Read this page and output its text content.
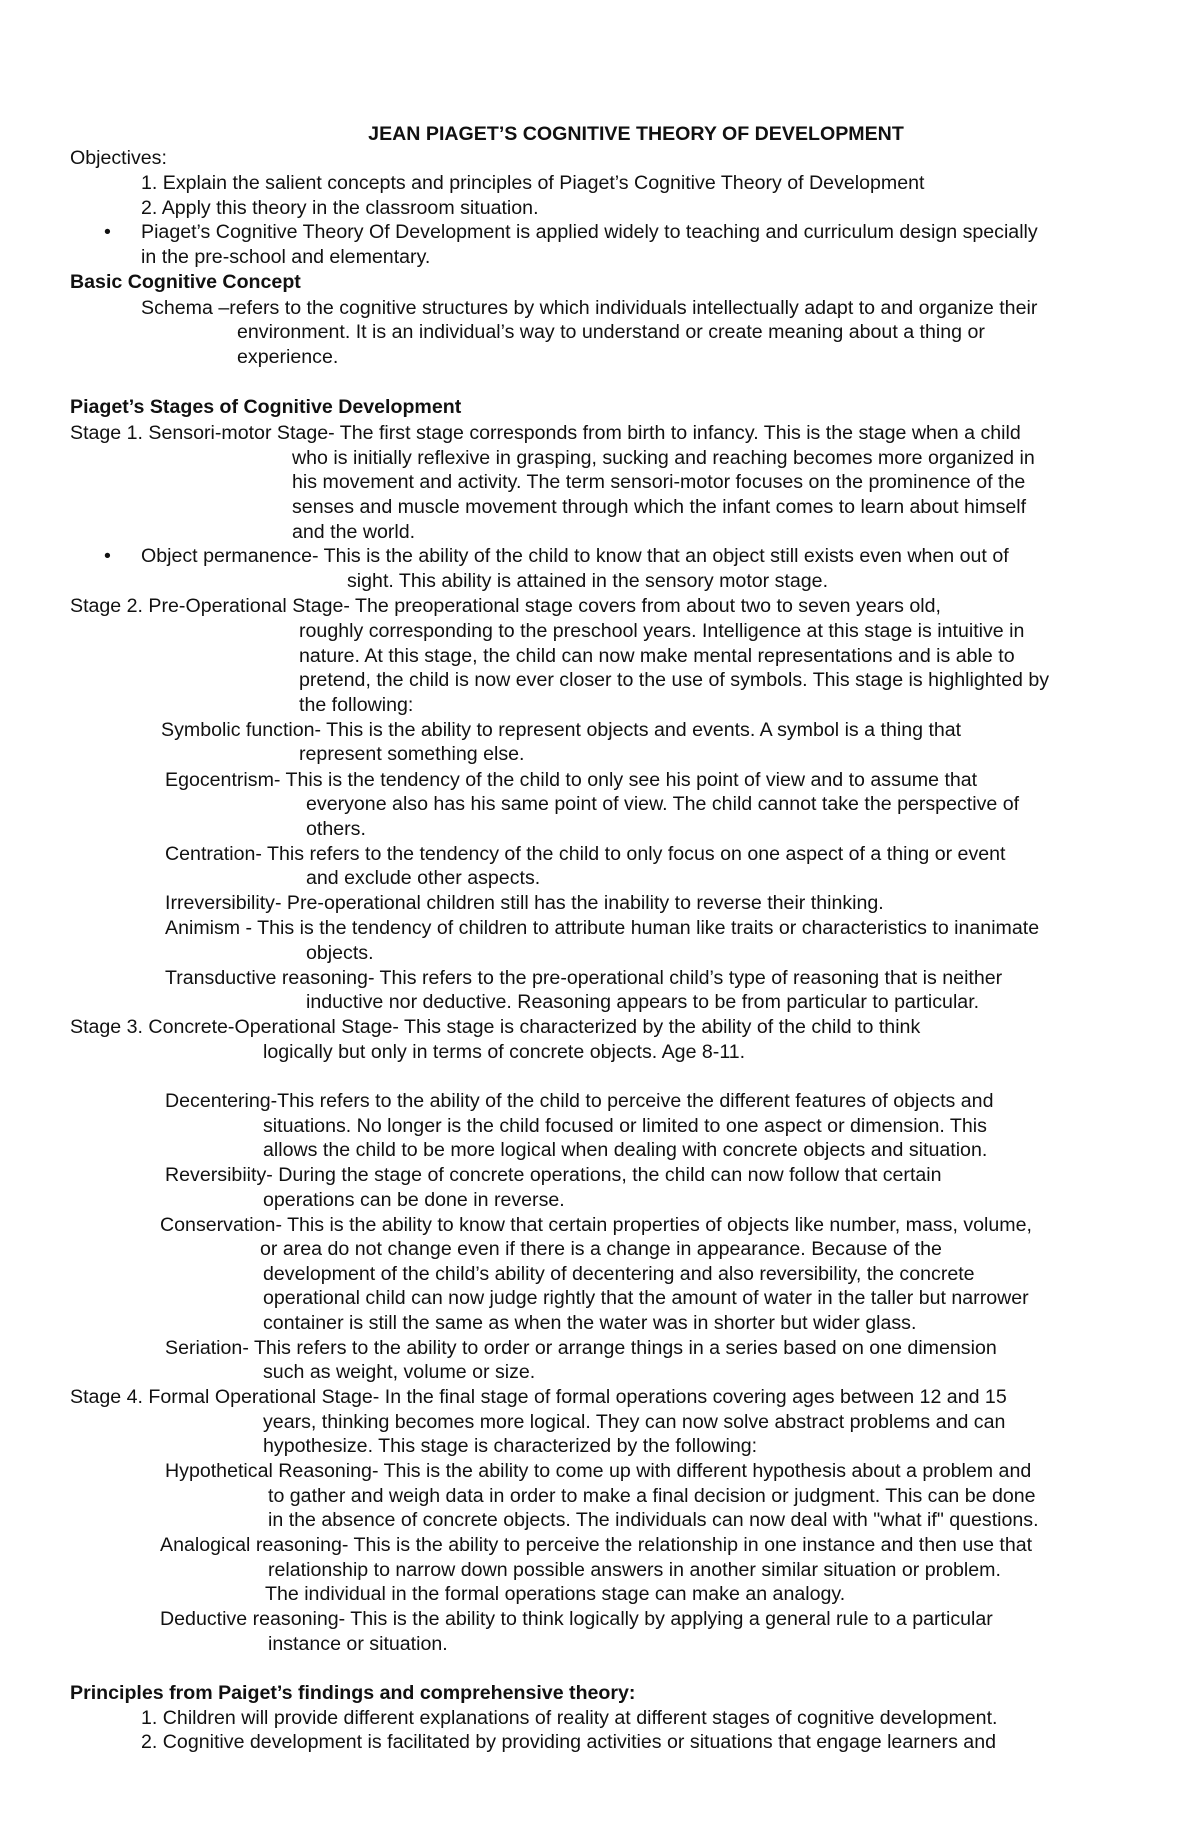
JEAN PIAGET’S COGNITIVE THEORY OF DEVELOPMENT

Objectives:

1. Explain the salient concepts and principles of Piaget’s Cognitive Theory of Development

2. Apply this theory in the classroom situation.

• Piaget’s Cognitive Theory Of Development is applied widely to teaching and curriculum design specially

in the pre-school and elementary.

Basic Cognitive Concept

Schema –refers to the cognitive structures by which individuals intellectually adapt to and organize their

environment. It is an individual’s way to understand or create meaning about a thing or

experience.

Piaget’s Stages of Cognitive Development

Stage 1. Sensori-motor Stage- The first stage corresponds from birth to infancy. This is the stage when a child

who is initially reflexive in grasping, sucking and reaching becomes more organized in

his movement and activity. The term sensori-motor focuses on the prominence of the

senses and muscle movement through which the infant comes to learn about himself

and the world.

• Object permanence- This is the ability of the child to know that an object still exists even when out of

sight. This ability is attained in the sensory motor stage.

Stage 2. Pre-Operational Stage- The preoperational stage covers from about two to seven years old,

roughly corresponding to the preschool years. Intelligence at this stage is intuitive in

nature. At this stage, the child can now make mental representations and is able to

pretend, the child is now ever closer to the use of symbols. This stage is highlighted by

the following:

Symbolic function- This is the ability to represent objects and events. A symbol is a thing that

represent something else.

Egocentrism- This is the tendency of the child to only see his point of view and to assume that

everyone also has his same point of view. The child cannot take the perspective of

others.

Centration- This refers to the tendency of the child to only focus on one aspect of a thing or event

and exclude other aspects.

Irreversibility- Pre-operational children still has the inability to reverse their thinking.

Animism - This is the tendency of children to attribute human like traits or characteristics to inanimate

objects.

Transductive reasoning- This refers to the pre-operational child’s type of reasoning that is neither

inductive nor deductive. Reasoning appears to be from particular to particular.

Stage 3. Concrete-Operational Stage- This stage is characterized by the ability of the child to think

logically but only in terms of concrete objects. Age 8-11.

Decentering-This refers to the ability of the child to perceive the different features of objects and

situations. No longer is the child focused or limited to one aspect or dimension. This

allows the child to be more logical when dealing with concrete objects and situation.

Reversibiity- During the stage of concrete operations, the child can now follow that certain

operations can be done in reverse.

Conservation- This is the ability to know that certain properties of objects like number, mass, volume,

or area do not change even if there is a change in appearance. Because of the

development of the child’s ability of decentering and also reversibility, the concrete

operational child can now judge rightly that the amount of water in the taller but narrower

container is still the same as when the water was in shorter but wider glass.

Seriation- This refers to the ability to order or arrange things in a series based on one dimension

such as weight, volume or size.

Stage 4. Formal Operational Stage- In the final stage of formal operations covering ages between 12 and 15

years, thinking becomes more logical. They can now solve abstract problems and can

hypothesize. This stage is characterized by the following:

Hypothetical Reasoning- This is the ability to come up with different hypothesis about a problem and

to gather and weigh data in order to make a final decision or judgment. This can be done

in the absence of concrete objects. The individuals can now deal with "what if" questions.

Analogical reasoning- This is the ability to perceive the relationship in one instance and then use that

relationship to narrow down possible answers in another similar situation or problem.

The individual in the formal operations stage can make an analogy.

Deductive reasoning- This is the ability to think logically by applying a general rule to a particular

instance or situation.

Principles from Paiget’s findings and comprehensive theory:

1. Children will provide different explanations of reality at different stages of cognitive development.

2. Cognitive development is facilitated by providing activities or situations that engage learners and
